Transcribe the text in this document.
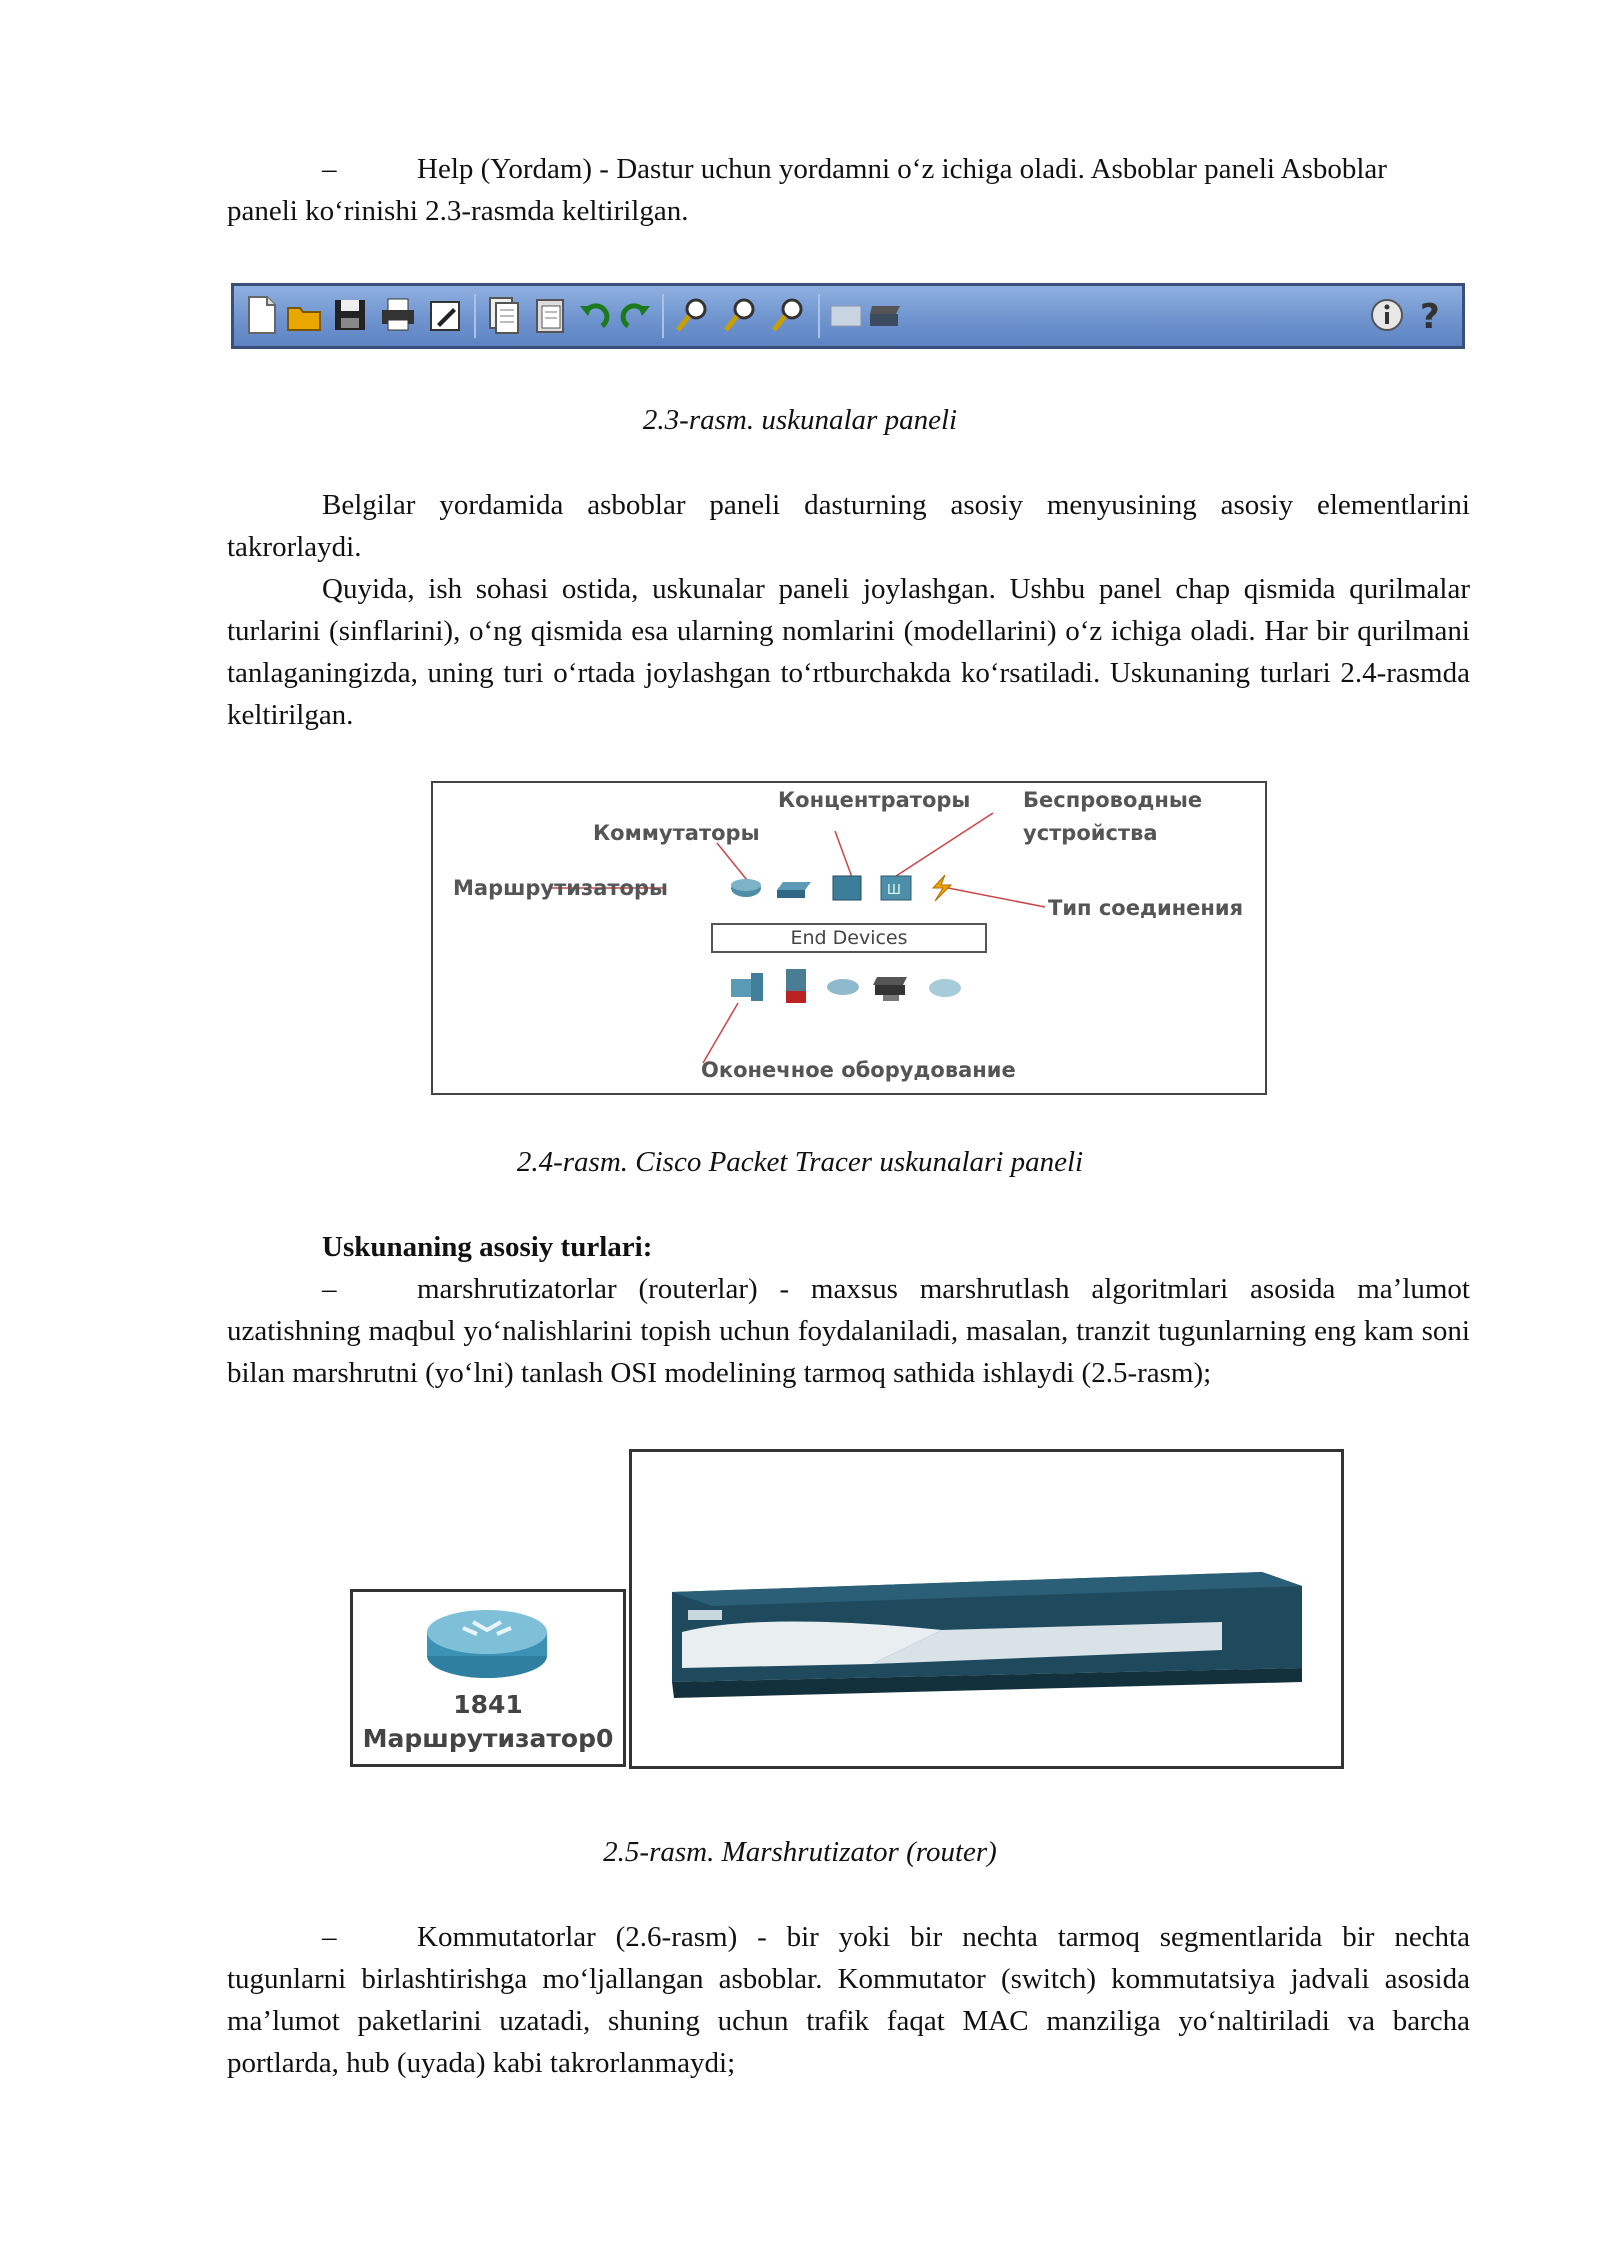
–	Help (Yordam) - Dastur uchun yordamni o‘z ichiga oladi. Asboblar paneli Asboblar

paneli ko‘rinishi 2.3-rasmda keltirilgan.

?

2.3-rasm. uskunalar paneli

Belgilar yordamida asboblar paneli dasturning asosiy menyusining asosiy elementlarini takrorlaydi.

Quyida, ish sohasi ostida, uskunalar paneli joylashgan. Ushbu panel chap qismida qurilmalar turlarini (sinflarini), o‘ng qismida esa ularning nomlarini (modellarini) o‘z ichiga oladi. Har bir qurilmani tanlaganingizda, uning turi o‘rtada joylashgan to‘rtburchakda ko‘rsatiladi. Uskunaning turlari 2.4-rasmda keltirilgan.

Концентраторы	Беспроводные
устройства
Коммутаторы
Маршрутизаторы
Тип соединения
Ш
End Devices
Оконечное оборудование

2.4-rasm. Cisco Packet Tracer uskunalari paneli

Uskunaning asosiy turlari:

–	marshrutizatorlar (routerlar) - maxsus marshrutlash algoritmlari asosida ma’lumot uzatishning maqbul yo‘nalishlarini topish uchun foydalaniladi, masalan, tranzit tugunlarning eng kam soni bilan marshrutni (yo‘lni) tanlash OSI modelining tarmoq sathida ishlaydi (2.5-rasm);

1841
Маршрутизатор0

2.5-rasm. Marshrutizator (router)

–	Kommutatorlar (2.6-rasm) - bir yoki bir nechta tarmoq segmentlarida bir nechta tugunlarni birlashtirishga mo‘ljallangan asboblar. Kommutator (switch) kommutatsiya jadvali asosida ma’lumot paketlarini uzatadi, shuning uchun trafik faqat MAC manziliga yo‘naltiriladi va barcha portlarda, hub (uyada) kabi takrorlanmaydi;
